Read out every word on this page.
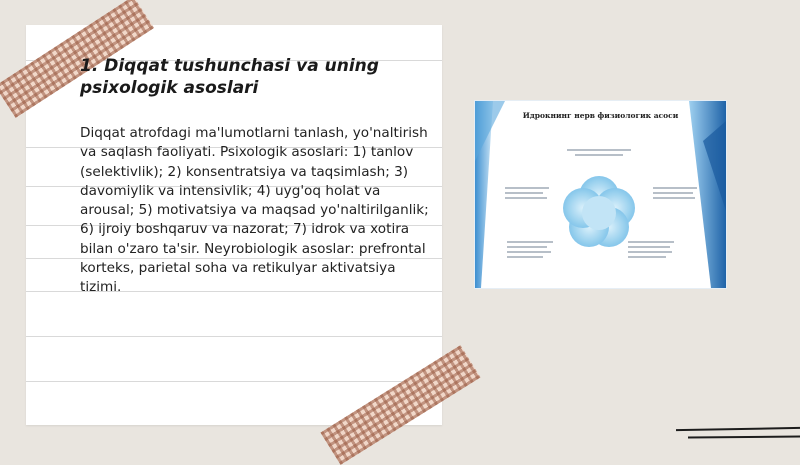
1. Diqqat tushunchasi va uning psixologik asoslari

Diqqat atrofdagi ma'lumotlarni tanlash, yo'naltirish va saqlash faoliyati. Psixologik asoslari: 1) tanlov (selektivlik); 2) konsentratsiya va taqsimlash; 3) davomiylik va intensivlik; 4) uyg'oq holat va arousal; 5) motivatsiya va maqsad yo'naltirilganlik; 6) ijroiy boshqaruv va nazorat; 7) idrok va xotira bilan o'zaro ta'sir. Neyrobiologik asoslar: prefrontal korteks, parietal soha va retikulyar aktivatsiya tizimi.

Идрокнинг нерв физиологик асоси
